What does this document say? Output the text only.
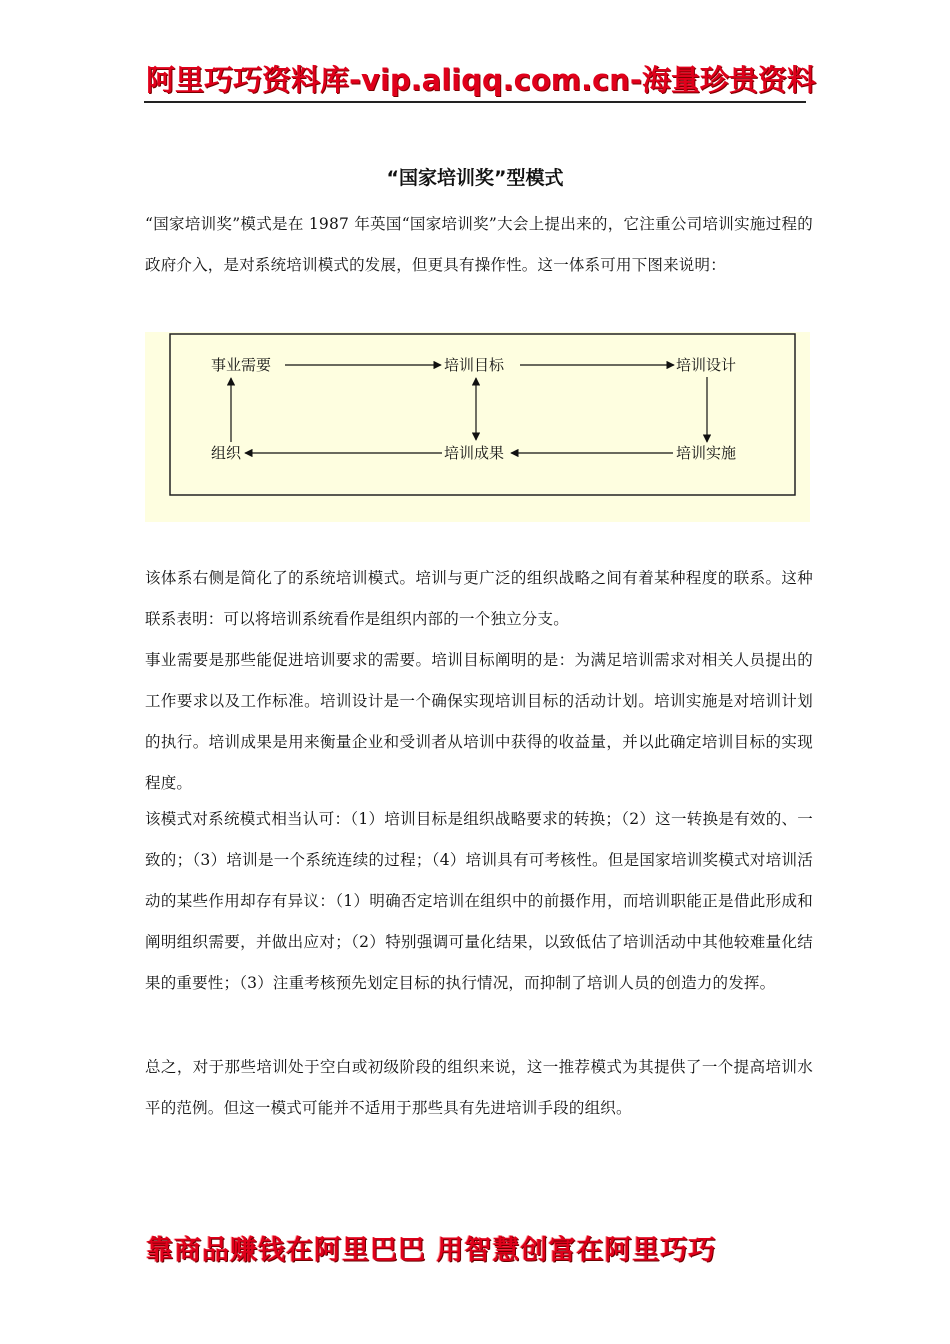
阿里巧巧资料库-vip.aliqq.com.cn-海量珍贵资料
“国家培训奖”型模式

“国家培训奖”模式是在 1987 年英国“国家培训奖”大会上提出来的，它注重公司培训实施过程的政府介入，是对系统培训模式的发展，但更具有操作性。这一体系可用下图来说明：

事业需要	培训目标	培训设计
组织	培训成果	培训实施

该体系右侧是简化了的系统培训模式。培训与更广泛的组织战略之间有着某种程度的联系。这种联系表明：可以将培训系统看作是组织内部的一个独立分支。

事业需要是那些能促进培训要求的需要。培训目标阐明的是：为满足培训需求对相关人员提出的工作要求以及工作标准。培训设计是一个确保实现培训目标的活动计划。培训实施是对培训计划的执行。培训成果是用来衡量企业和受训者从培训中获得的收益量，并以此确定培训目标的实现程度。

该模式对系统模式相当认可：（1）培训目标是组织战略要求的转换；（2）这一转换是有效的、一致的；（3）培训是一个系统连续的过程；（4）培训具有可考核性。但是国家培训奖模式对培训活动的某些作用却存有异议：（1）明确否定培训在组织中的前摄作用，而培训职能正是借此形成和阐明组织需要，并做出应对；（2）特别强调可量化结果，以致低估了培训活动中其他较难量化结果的重要性；（3）注重考核预先划定目标的执行情况，而抑制了培训人员的创造力的发挥。

总之，对于那些培训处于空白或初级阶段的组织来说，这一推荐模式为其提供了一个提高培训水平的范例。但这一模式可能并不适用于那些具有先进培训手段的组织。

靠商品赚钱在阿里巴巴 用智慧创富在阿里巧巧
